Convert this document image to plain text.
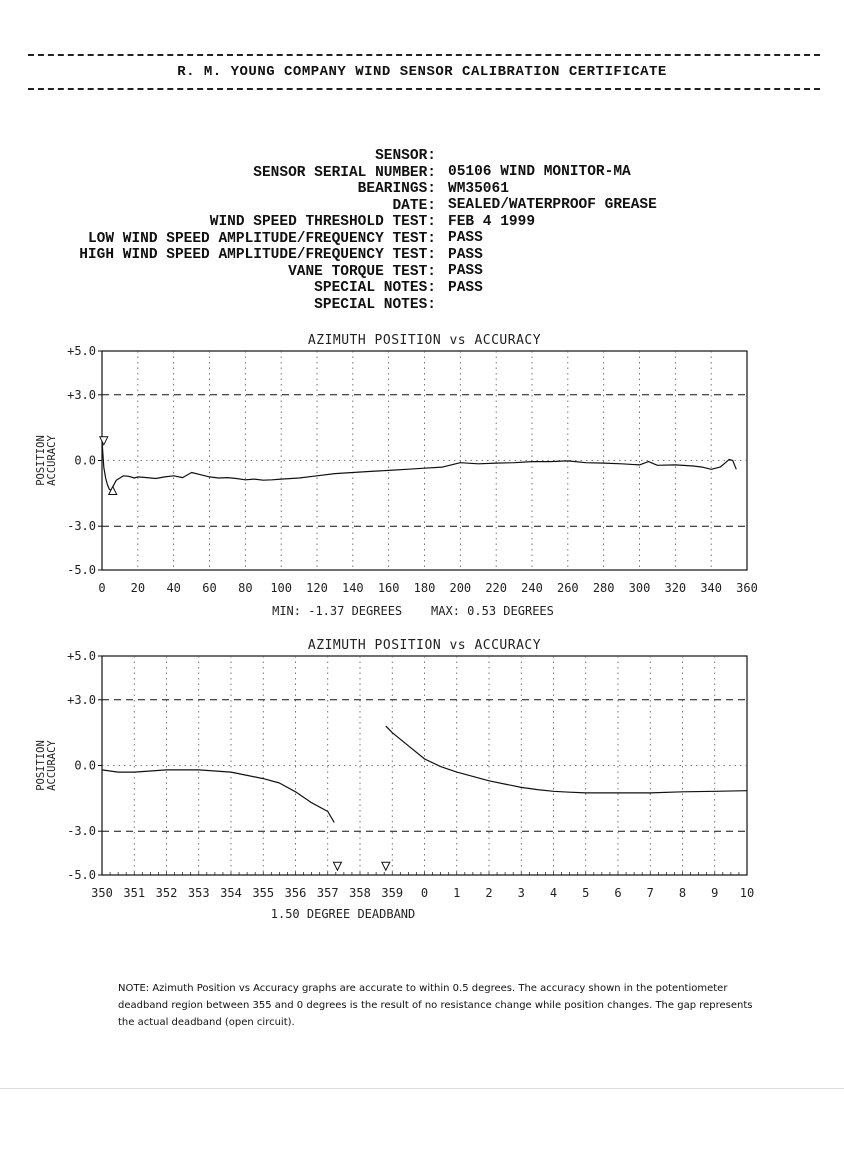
R. M. YOUNG COMPANY WIND SENSOR CALIBRATION CERTIFICATE

SENSOR:

05106 WIND MONITOR-MA

SENSOR SERIAL NUMBER:

WM35061

BEARINGS:

SEALED/WATERPROOF GREASE

DATE:

FEB 4 1999

WIND SPEED THRESHOLD TEST:

PASS

LOW WIND SPEED AMPLITUDE/FREQUENCY TEST:

PASS

HIGH WIND SPEED AMPLITUDE/FREQUENCY TEST:

PASS

VANE TORQUE TEST:

PASS

SPECIAL NOTES:

SPECIAL NOTES:

AZIMUTH POSITION vs ACCURACY
0 20 40 60 80 100 120 140 160 180 200 220 240 260 280 300 320 340 360
+5.0
+3.0
0.0
-3.0
-5.0
POSITION ACCURACY
MIN: -1.37 DEGREES    MAX: 0.53 DEGREES
AZIMUTH POSITION vs ACCURACY
350 351 352 353 354 355 356 357 358 359 0 1 2 3 4 5 6 7 8 9 10
+5.0
+3.0
0.0
-3.0
-5.0
POSITION ACCURACY
1.50 DEGREE DEADBAND
NOTE: Azimuth Position vs Accuracy graphs are accurate to within 0.5 degrees. The accuracy shown in the potentiometer deadband region between 355 and 0 degrees is the result of no resistance change while position changes. The gap represents the actual deadband (open circuit).
